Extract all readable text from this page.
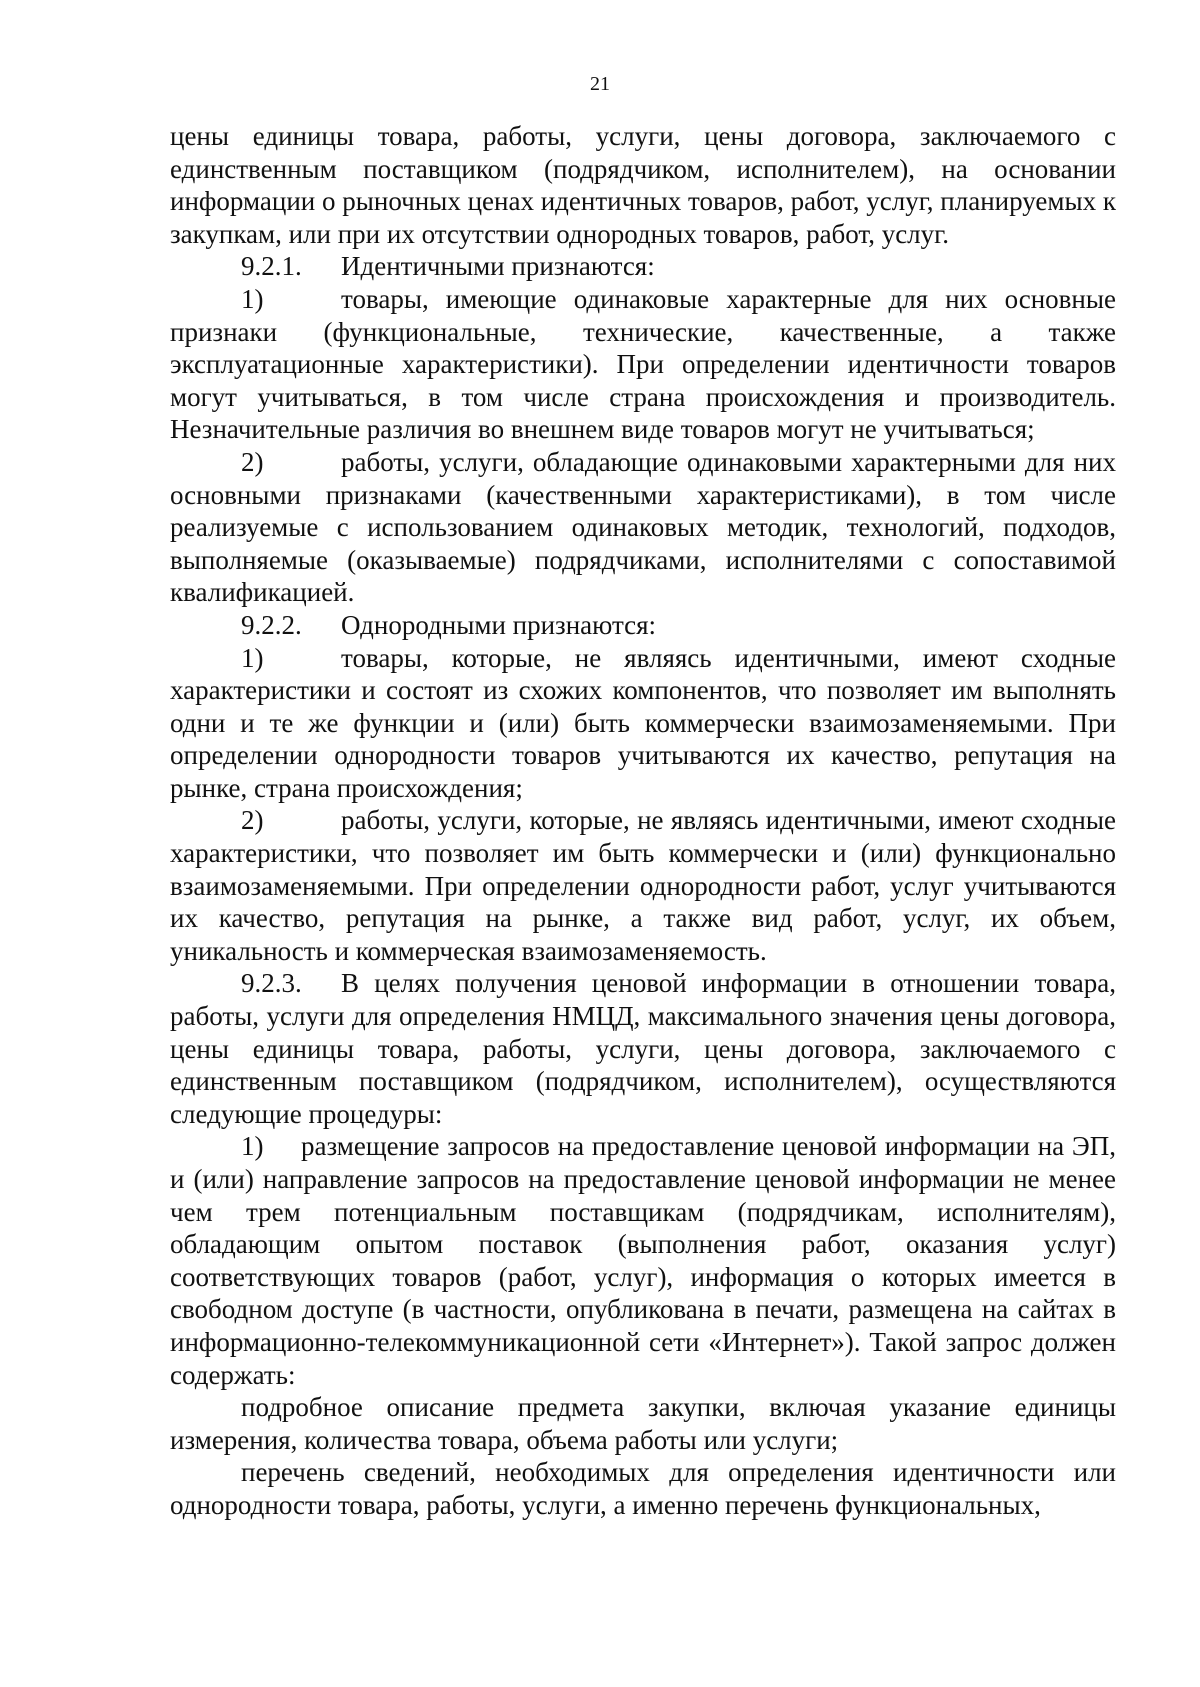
21

цены единицы товара, работы, услуги, цены договора, заключаемого с единственным поставщиком (подрядчиком, исполнителем), на основании информации о рыночных ценах идентичных товаров, работ, услуг, планируемых к закупкам, или при их отсутствии однородных товаров, работ, услуг.

9.2.1. Идентичными признаются:

1)	товары, имеющие одинаковые характерные для них основные признаки (функциональные, технические, качественные, а также эксплуатационные характеристики). При определении идентичности товаров могут учитываться, в том числе страна происхождения и производитель. Незначительные различия во внешнем виде товаров могут не учитываться;

2)	работы, услуги, обладающие одинаковыми характерными для них основными признаками (качественными характеристиками), в том числе реализуемые с использованием одинаковых методик, технологий, подходов, выполняемые (оказываемые) подрядчиками, исполнителями с сопоставимой квалификацией.

9.2.2. Однородными признаются:

1)	товары, которые, не являясь идентичными, имеют сходные характеристики и состоят из схожих компонентов, что позволяет им выполнять одни и те же функции и (или) быть коммерчески взаимозаменяемыми. При определении однородности товаров учитываются их качество, репутация на рынке, страна происхождения;

2)	работы, услуги, которые, не являясь идентичными, имеют сходные характеристики, что позволяет им быть коммерчески и (или) функционально взаимозаменяемыми. При определении однородности работ, услуг учитываются их качество, репутация на рынке, а также вид работ, услуг, их объем, уникальность и коммерческая взаимозаменяемость.

9.2.3. В целях получения ценовой информации в отношении товара, работы, услуги для определения НМЦД, максимального значения цены договора, цены единицы товара, работы, услуги, цены договора, заключаемого с единственным поставщиком (подрядчиком, исполнителем), осуществляются следующие процедуры:

1) размещение запросов на предоставление ценовой информации на ЭП, и (или) направление запросов на предоставление ценовой информации не менее чем трем потенциальным поставщикам (подрядчикам, исполнителям), обладающим опытом поставок (выполнения работ, оказания услуг) соответствующих товаров (работ, услуг), информация о которых имеется в свободном доступе (в частности, опубликована в печати, размещена на сайтах в информационно-телекоммуникационной сети «Интернет»). Такой запрос должен содержать:

подробное описание предмета закупки, включая указание единицы измерения, количества товара, объема работы или услуги;

перечень сведений, необходимых для определения идентичности или однородности товара, работы, услуги, а именно перечень функциональных,
